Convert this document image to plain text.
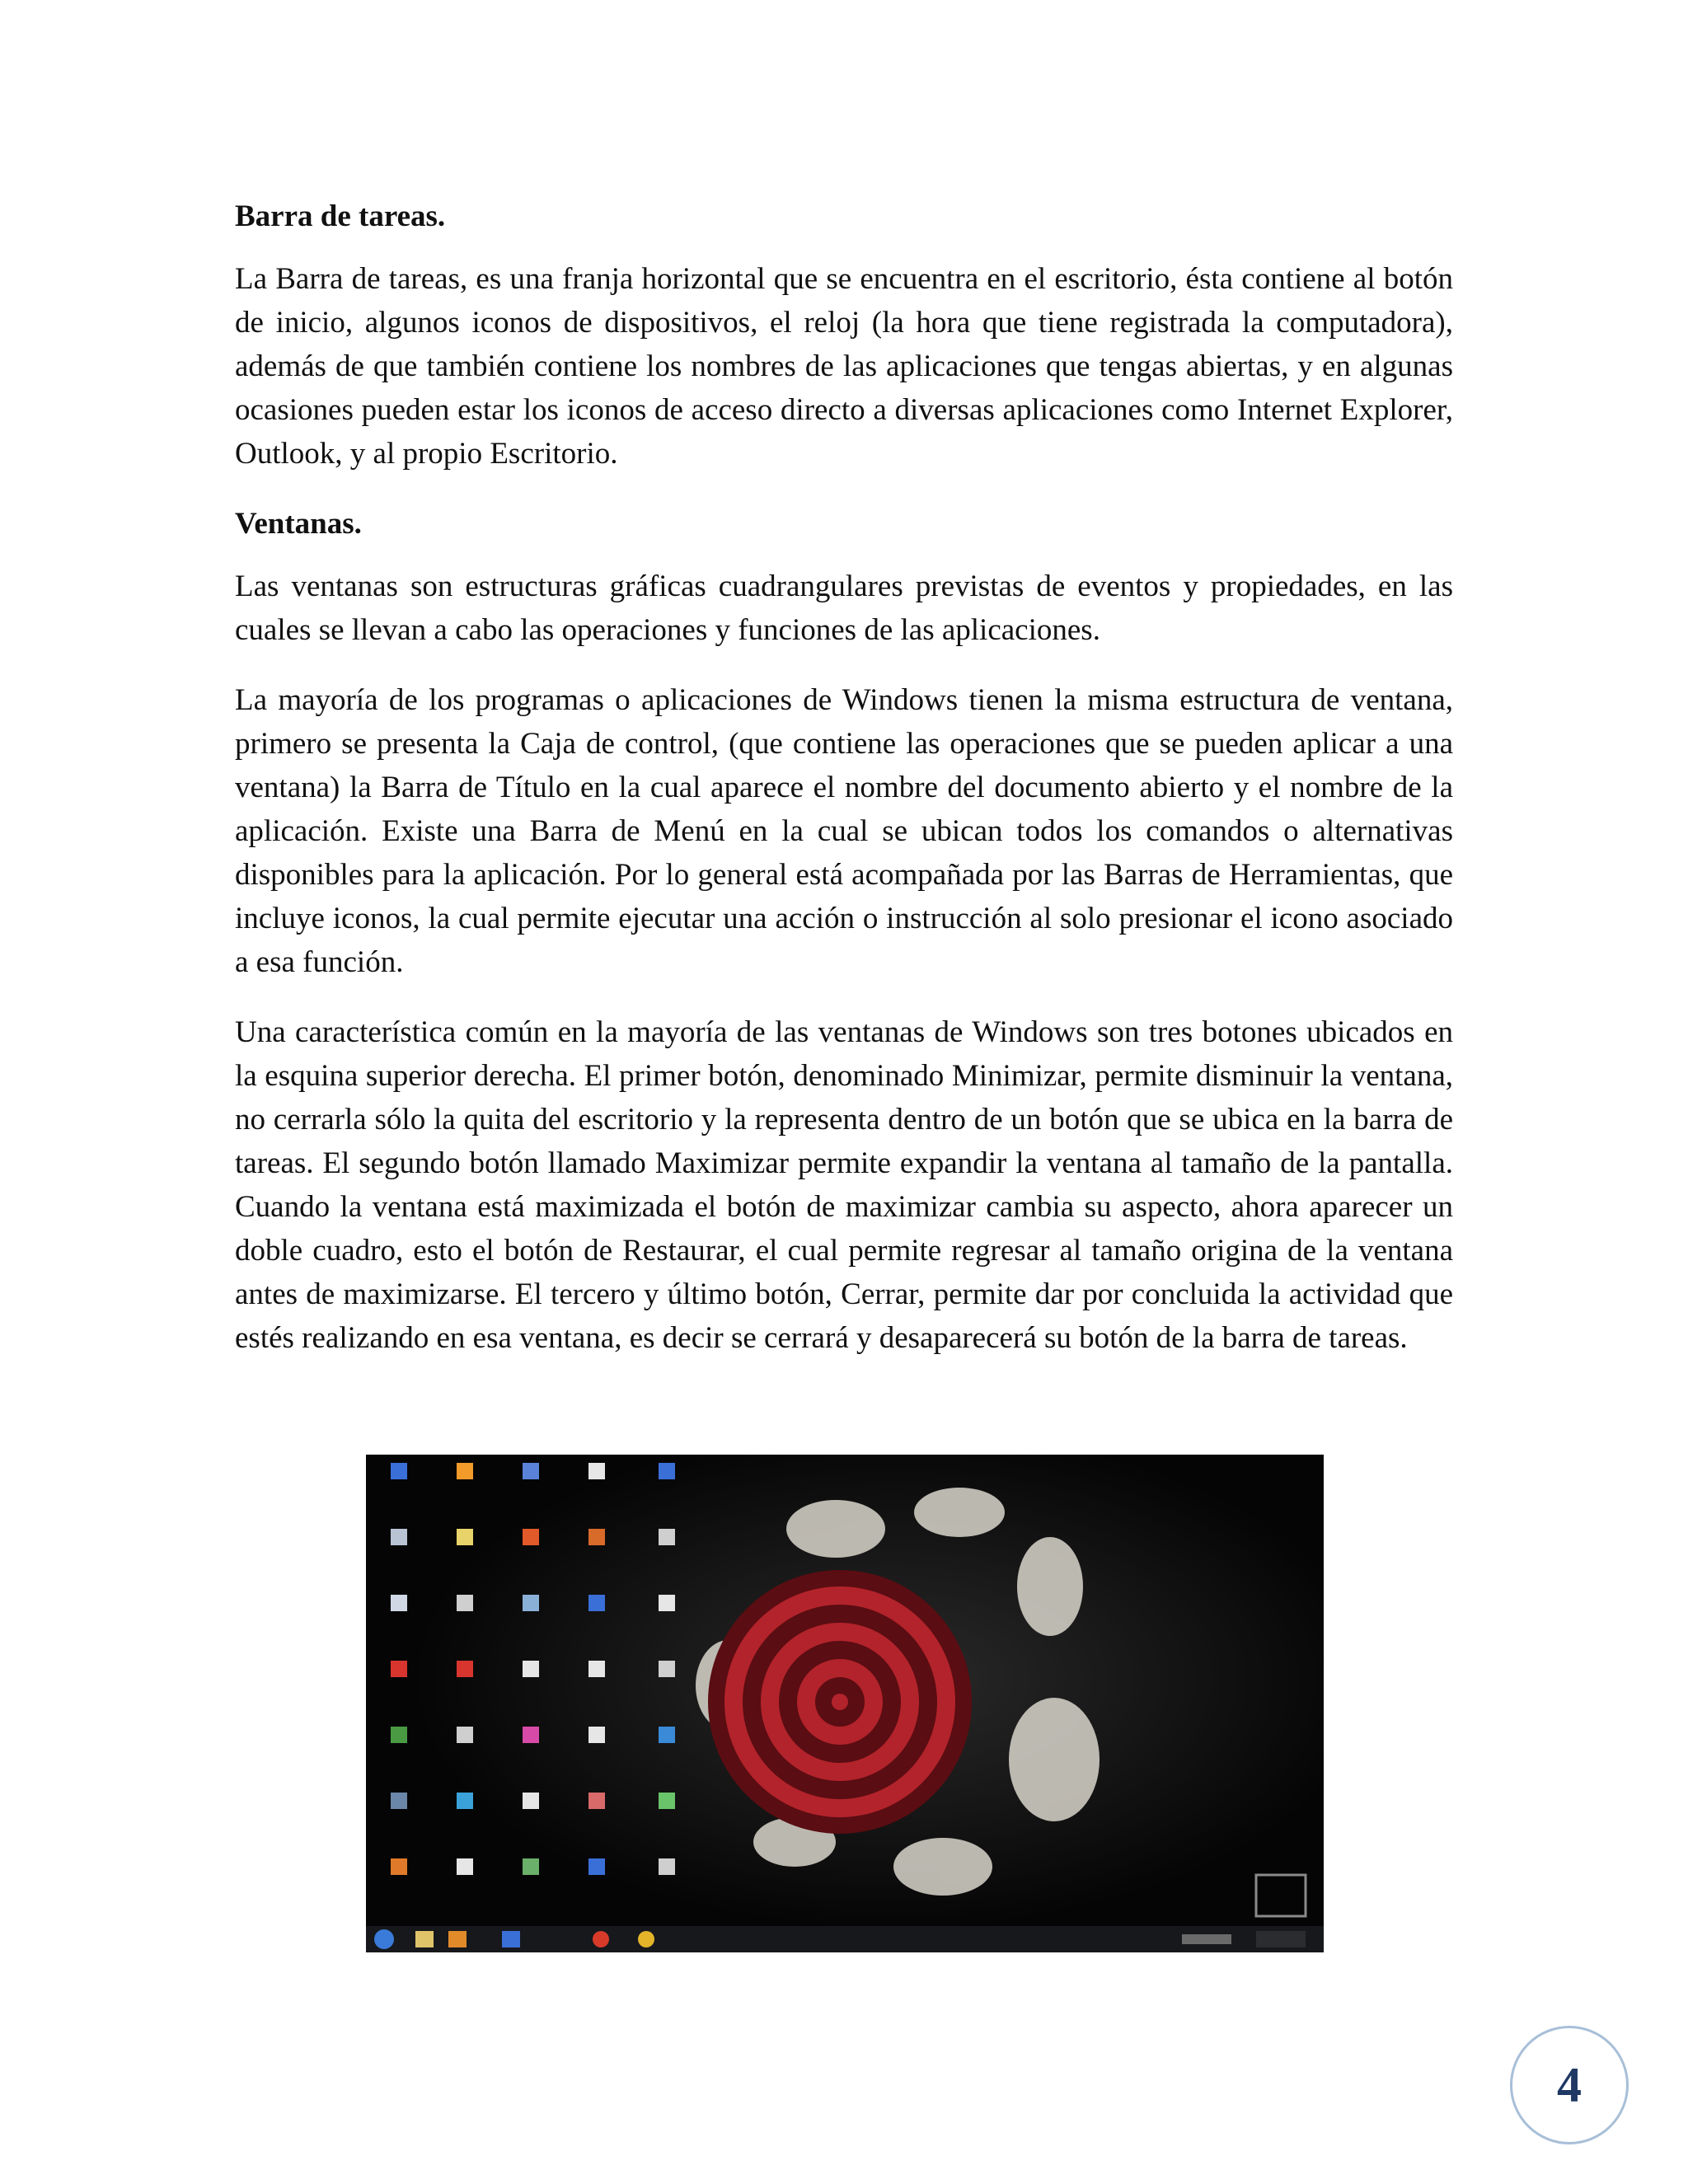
Barra de tareas.

La Barra de tareas, es una franja horizontal que se encuentra en el escritorio, ésta contiene al botón de inicio, algunos iconos de dispositivos, el reloj (la hora que tiene registrada la computadora), además de que también contiene los nombres de las aplicaciones que tengas abiertas, y en algunas ocasiones pueden estar los iconos de acceso directo a diversas aplicaciones como Internet Explorer, Outlook, y al propio Escritorio.

Ventanas.

Las ventanas son estructuras gráficas cuadrangulares previstas de eventos y propiedades, en las cuales se llevan a cabo las operaciones y funciones de las aplicaciones.

La mayoría de los programas o aplicaciones de Windows tienen la misma estructura de ventana, primero se presenta la Caja de control, (que contiene las operaciones que se pueden aplicar a una ventana) la Barra de Título en la cual aparece el nombre del documento abierto y el nombre de la aplicación. Existe una Barra de Menú en la cual se ubican todos los comandos o alternativas disponibles para la aplicación. Por lo general está acompañada por las Barras de Herramientas, que incluye iconos, la cual permite ejecutar una acción o instrucción al solo presionar el icono asociado a esa función.

Una característica común en la mayoría de las ventanas de Windows son tres botones ubicados en la esquina superior derecha. El primer botón, denominado Minimizar, permite disminuir la ventana, no cerrarla sólo la quita del escritorio y la representa dentro de un botón que se ubica en la barra de tareas. El segundo botón llamado Maximizar permite expandir la ventana al tamaño de la pantalla. Cuando la ventana está maximizada el botón de maximizar cambia su aspecto, ahora aparecer un doble cuadro, esto el botón de Restaurar, el cual permite regresar al tamaño origina de la ventana antes de maximizarse. El tercero y último botón, Cerrar, permite dar por concluida la actividad que estés realizando en esa ventana, es decir se cerrará y desaparecerá su botón de la barra de tareas.

4
